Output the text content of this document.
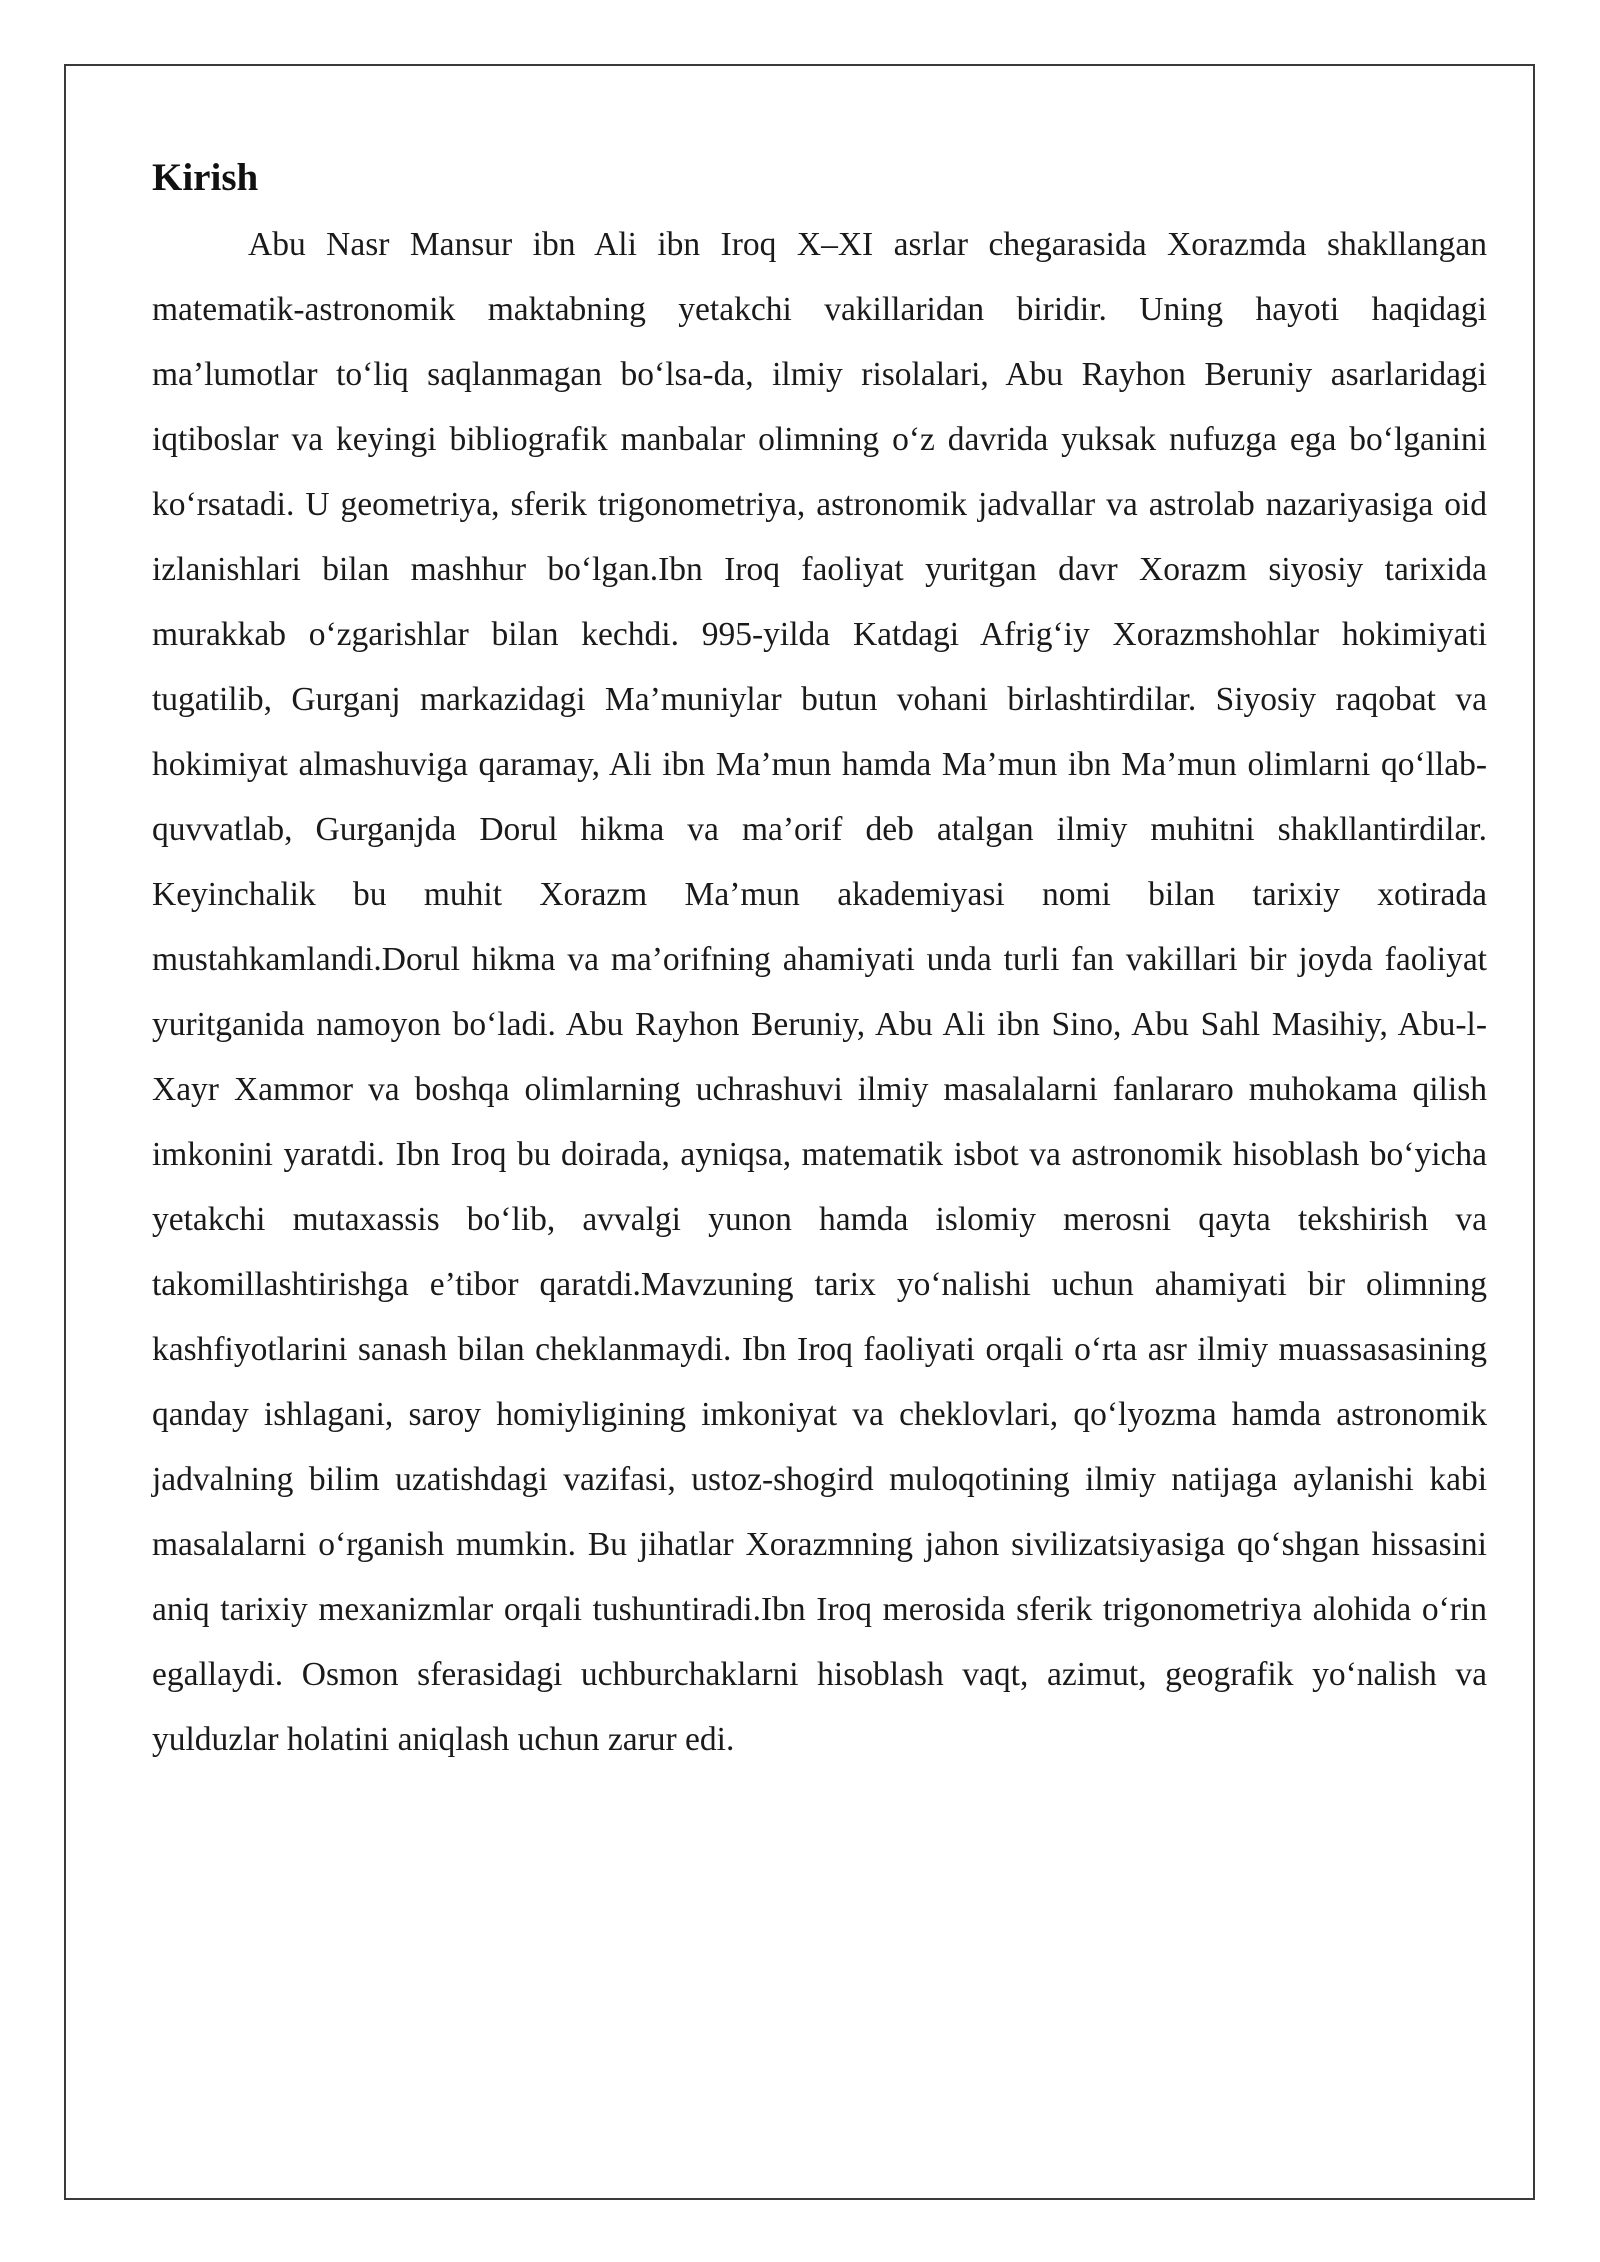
Kirish

Abu Nasr Mansur ibn Ali ibn Iroq X–XI asrlar chegarasida Xorazmda shakllangan matematik-astronomik maktabning yetakchi vakillaridan biridir. Uning hayoti haqidagi ma’lumotlar to‘liq saqlanmagan bo‘lsa-da, ilmiy risolalari, Abu Rayhon Beruniy asarlaridagi iqtiboslar va keyingi bibliografik manbalar olimning o‘z davrida yuksak nufuzga ega bo‘lganini ko‘rsatadi. U geometriya, sferik trigonometriya, astronomik jadvallar va astrolab nazariyasiga oid izlanishlari bilan mashhur bo‘lgan.Ibn Iroq faoliyat yuritgan davr Xorazm siyosiy tarixida murakkab o‘zgarishlar bilan kechdi. 995-yilda Katdagi Afrig‘iy Xorazmshohlar hokimiyati tugatilib, Gurganj markazidagi Ma’muniylar butun vohani birlashtirdilar. Siyosiy raqobat va hokimiyat almashuviga qaramay, Ali ibn Ma’mun hamda Ma’mun ibn Ma’mun olimlarni qo‘llab-quvvatlab, Gurganjda Dorul hikma va ma’orif deb atalgan ilmiy muhitni shakllantirdilar. Keyinchalik bu muhit Xorazm Ma’mun akademiyasi nomi bilan tarixiy xotirada mustahkamlandi.Dorul hikma va ma’orifning ahamiyati unda turli fan vakillari bir joyda faoliyat yuritganida namoyon bo‘ladi. Abu Rayhon Beruniy, Abu Ali ibn Sino, Abu Sahl Masihiy, Abu-l-Xayr Xammor va boshqa olimlarning uchrashuvi ilmiy masalalarni fanlararo muhokama qilish imkonini yaratdi. Ibn Iroq bu doirada, ayniqsa, matematik isbot va astronomik hisoblash bo‘yicha yetakchi mutaxassis bo‘lib, avvalgi yunon hamda islomiy merosni qayta tekshirish va takomillashtirishga e’tibor qaratdi.Mavzuning tarix yo‘nalishi uchun ahamiyati bir olimning kashfiyotlarini sanash bilan cheklanmaydi. Ibn Iroq faoliyati orqali o‘rta asr ilmiy muassasasining qanday ishlagani, saroy homiyligining imkoniyat va cheklovlari, qo‘lyozma hamda astronomik jadvalning bilim uzatishdagi vazifasi, ustoz-shogird muloqotining ilmiy natijaga aylanishi kabi masalalarni o‘rganish mumkin. Bu jihatlar Xorazmning jahon sivilizatsiyasiga qo‘shgan hissasini aniq tarixiy mexanizmlar orqali tushuntiradi.Ibn Iroq merosida sferik trigonometriya alohida o‘rin egallaydi. Osmon sferasidagi uchburchaklarni hisoblash vaqt, azimut, geografik yo‘nalish va yulduzlar holatini aniqlash uchun zarur edi.
